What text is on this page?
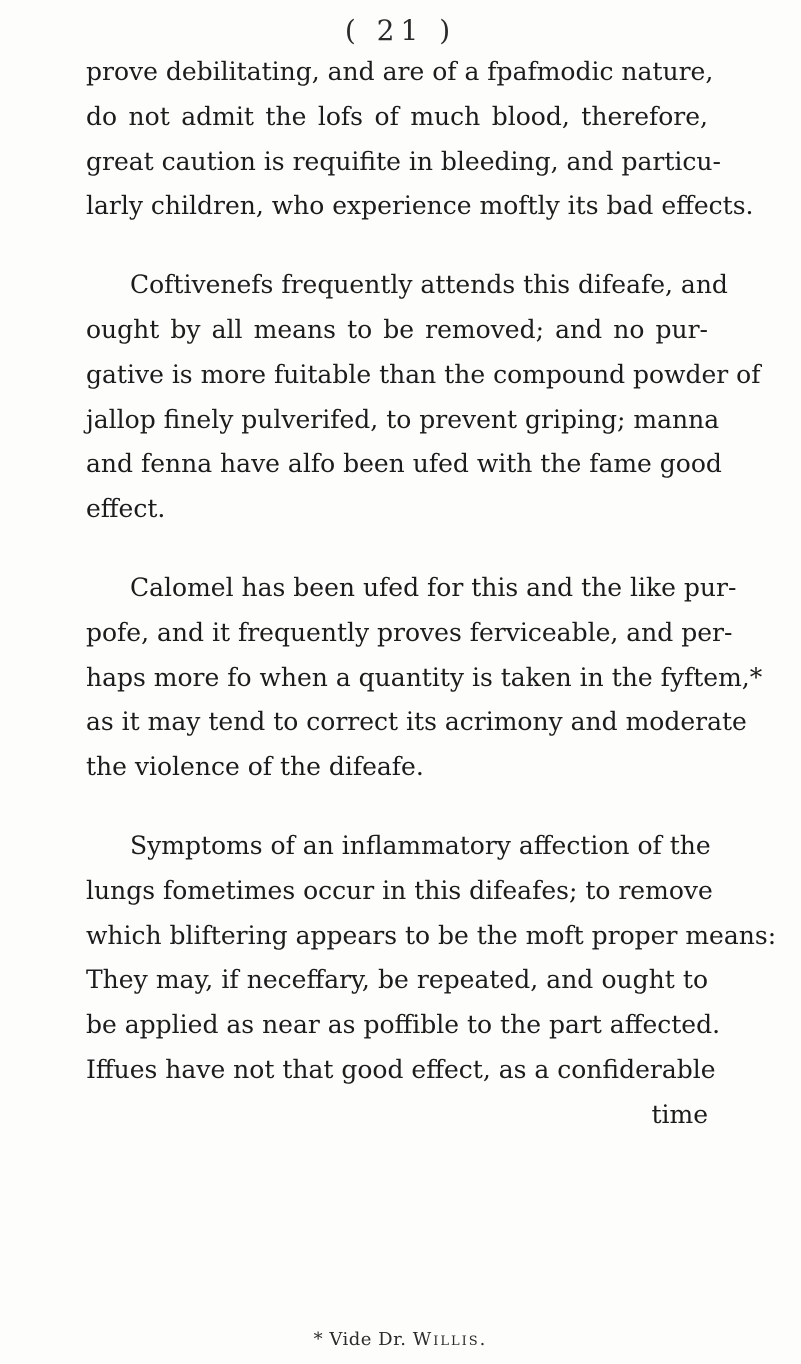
( 21 )
prove debilitating, and are of a fpafmodic nature,
do not admit the lofs of much blood, therefore,
great caution is requifite in bleeding, and particu-
larly children, who experience moftly its bad effects.
Coftivenefs frequently attends this difeafe, and
ought by all means to be removed; and no pur-
gative is more fuitable than the compound powder of
jallop finely pulverifed, to prevent griping; manna
and fenna have alfo been ufed with the fame good
effect.
Calomel has been ufed for this and the like pur-
pofe, and it frequently proves ferviceable, and per-
haps more fo when a quantity is taken in the fyftem,*
as it may tend to correct its acrimony and moderate
the violence of the difeafe.
Symptoms of an inflammatory affection of the
lungs fometimes occur in this difeafes; to remove
which bliftering appears to be the moft proper means:
They may, if neceffary, be repeated, and ought to
be applied as near as poffible to the part affected.
Iffues have not that good effect, as a confiderable
time
* Vide Dr. Willis.
